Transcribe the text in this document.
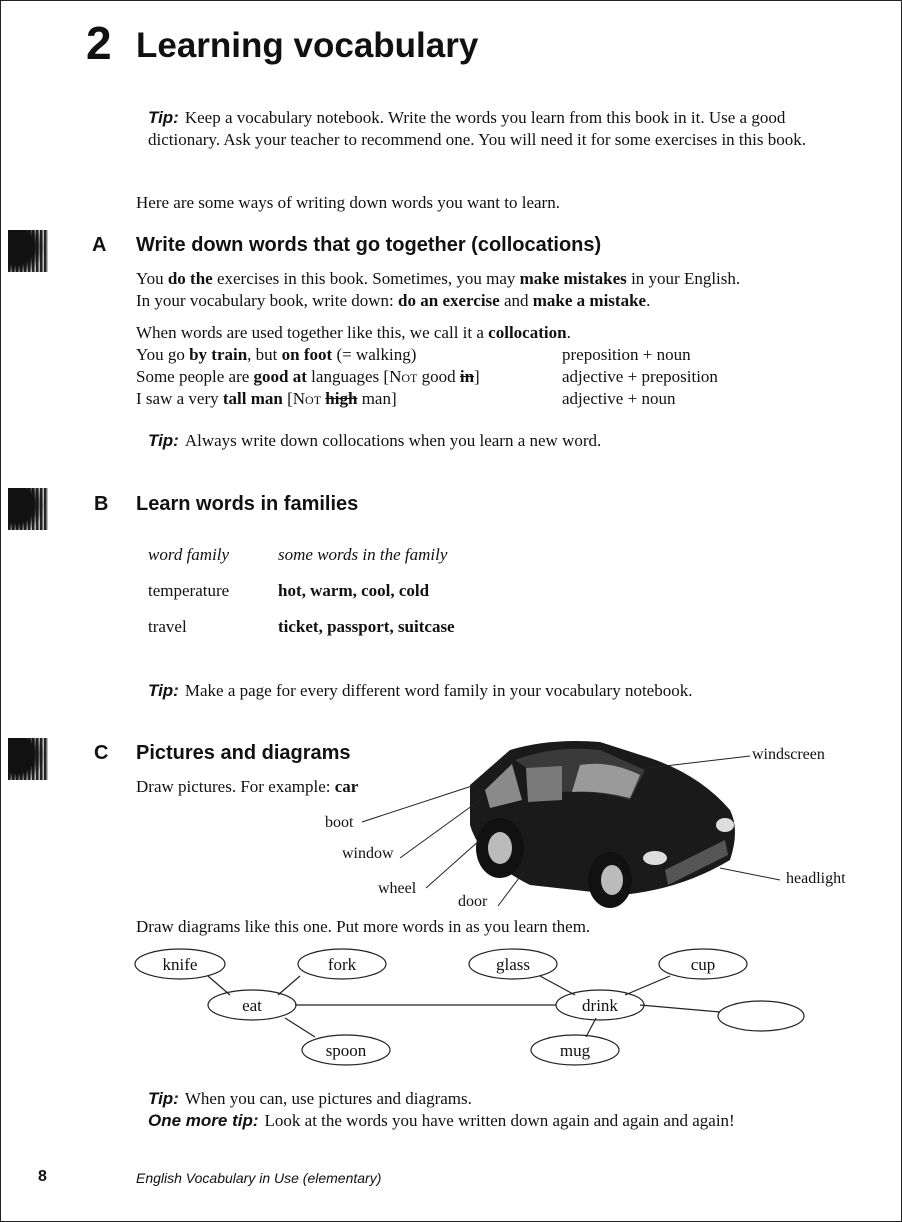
2 Learning vocabulary
Tip: Keep a vocabulary notebook. Write the words you learn from this book in it. Use a good dictionary. Ask your teacher to recommend one. You will need it for some exercises in this book.
Here are some ways of writing down words you want to learn.
A Write down words that go together (collocations)
You do the exercises in this book. Sometimes, you may make mistakes in your English.
In your vocabulary book, write down: do an exercise and make a mistake.
When words are used together like this, we call it a collocation.
You go by train, but on foot (= walking)	preposition + noun
Some people are good at languages [Not good in]	adjective + preposition
I saw a very tall man [Not high man]	adjective + noun
Tip: Always write down collocations when you learn a new word.
B Learn words in families
word family	some words in the family
temperature	hot, warm, cool, cold
travel	ticket, passport, suitcase
Tip: Make a page for every different word family in your vocabulary notebook.
C Pictures and diagrams
Draw pictures. For example: car
windscreen
boot
window
wheel
door
headlight
Draw diagrams like this one. Put more words in as you learn them.
knife	fork
eat
spoon
glass	cup
drink
mug
Tip: When you can, use pictures and diagrams.
One more tip: Look at the words you have written down again and again and again!
8	English Vocabulary in Use (elementary)
